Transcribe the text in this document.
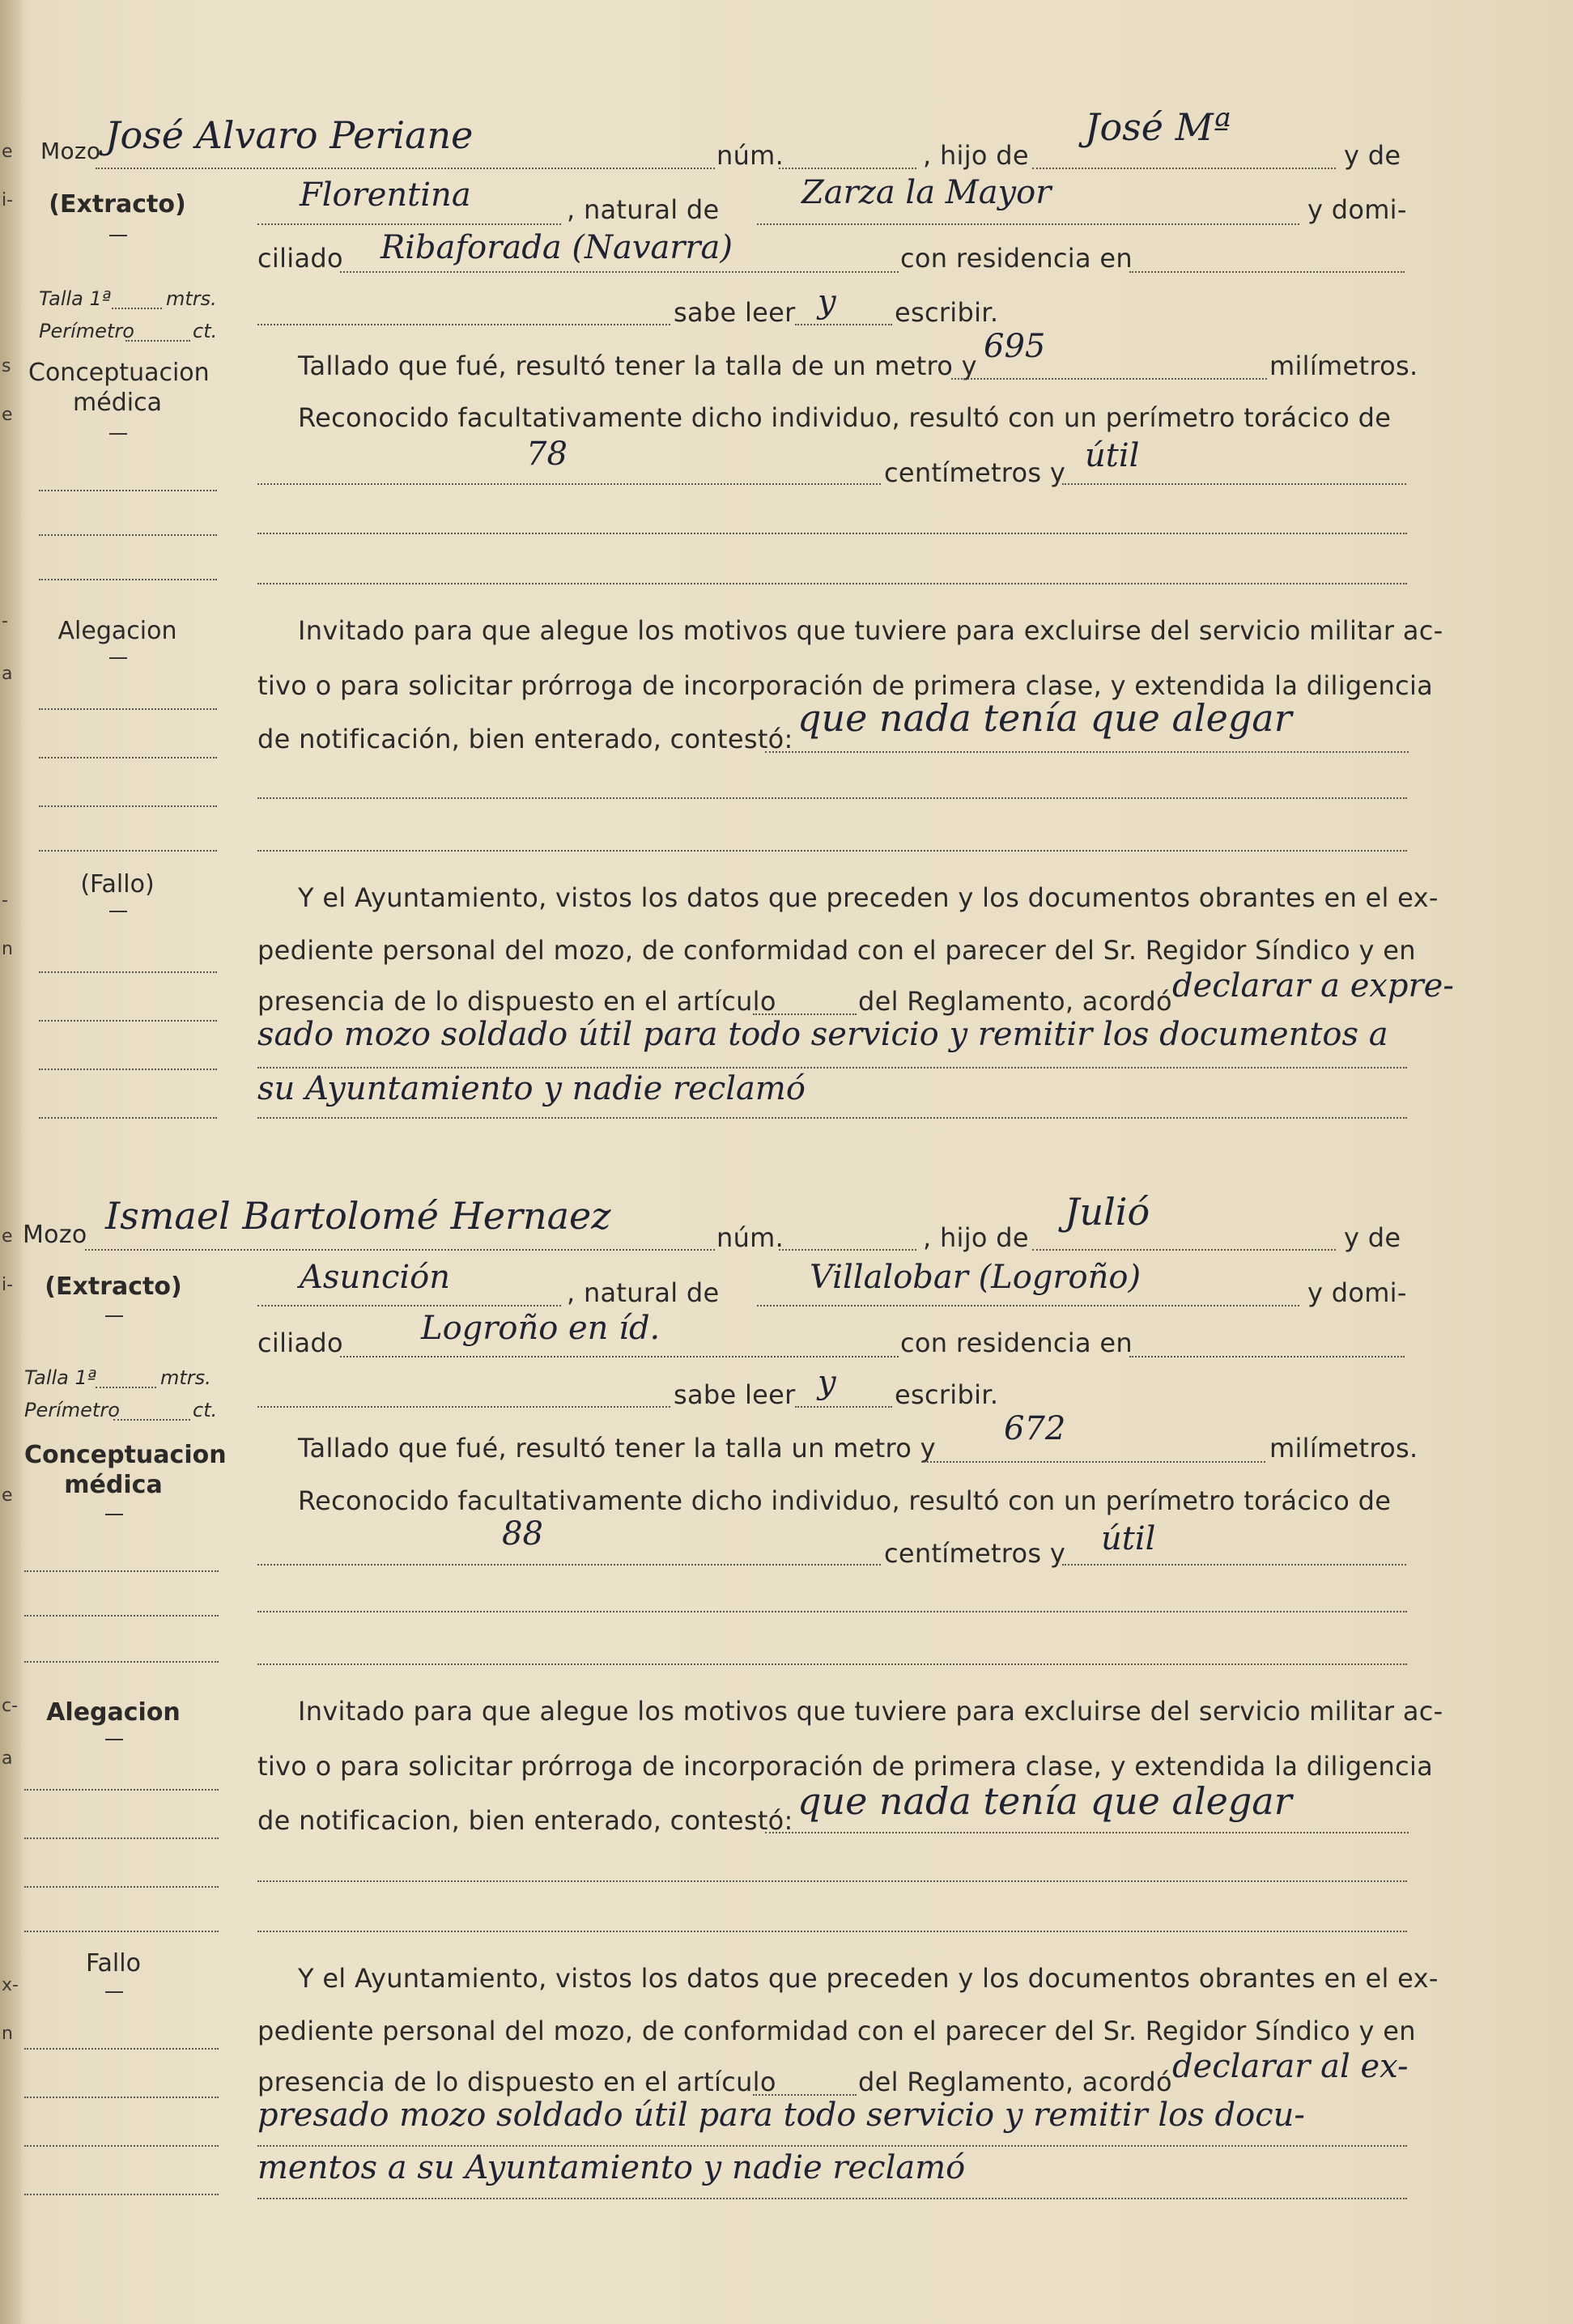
e
i-
s
e
-
a
-
n
e
i-
e
c-
a
x-
n
Mozo
(Extracto)
Talla 1ª	mtrs.
Perímetro	ct.
Conceptuacion
médica
Alegacion
(Fallo)
José Alvaro Periane	núm.	, hijo de
José Mª
y de
Florentina	, natural de	Zarza la Mayor	y domi-
ciliado Ribaforada (Navarra)	con residencia en
sabe leer y escribir.
Tallado que fué, resultó tener la talla de un metro y
695
milímetros.
Reconocido facultativamente dicho individuo, resultó con un perímetro torácico de
78	centímetros y útil
Invitado para que alegue los motivos que tuviere para excluirse del servicio militar ac-
tivo o para solicitar prórroga de incorporación de primera clase, y extendida la diligencia
de notificación, bien enterado, contestó: que nada tenía que alegar
Y el Ayuntamiento, vistos los datos que preceden y los documentos obrantes en el ex-
pediente personal del mozo, de conformidad con el parecer del Sr. Regidor Síndico y en
presencia de lo dispuesto en el artículo	del Reglamento, acordó declarar a expre-
sado mozo soldado útil para todo servicio y remitir los documentos a
su Ayuntamiento y nadie reclamó
Mozo
(Extracto)
Talla 1ª	mtrs.
Perímetro	ct.
Conceptuacion
médica
Alegacion
Fallo
Ismael Bartolomé Hernaez	núm.	, hijo de
Julió
y de
Asunción	, natural de	Villalobar (Logroño)	y domi-
ciliado Logroño en íd.	con residencia en
sabe leer y escribir.
Tallado que fué, resultó tener la talla un metro y
672
milímetros.
Reconocido facultativamente dicho individuo, resultó con un perímetro torácico de
88
centímetros y útil
Invitado para que alegue los motivos que tuviere para excluirse del servicio militar ac-
tivo o para solicitar prórroga de incorporación de primera clase, y extendida la diligencia
de notificacion, bien enterado, contestó: que nada tenía que alegar
Y el Ayuntamiento, vistos los datos que preceden y los documentos obrantes en el ex-
pediente personal del mozo, de conformidad con el parecer del Sr. Regidor Síndico y en
presencia de lo dispuesto en el artículo	del Reglamento, acordó declarar al ex-
presado mozo soldado útil para todo servicio y remitir los docu-
mentos a su Ayuntamiento y nadie reclamó
